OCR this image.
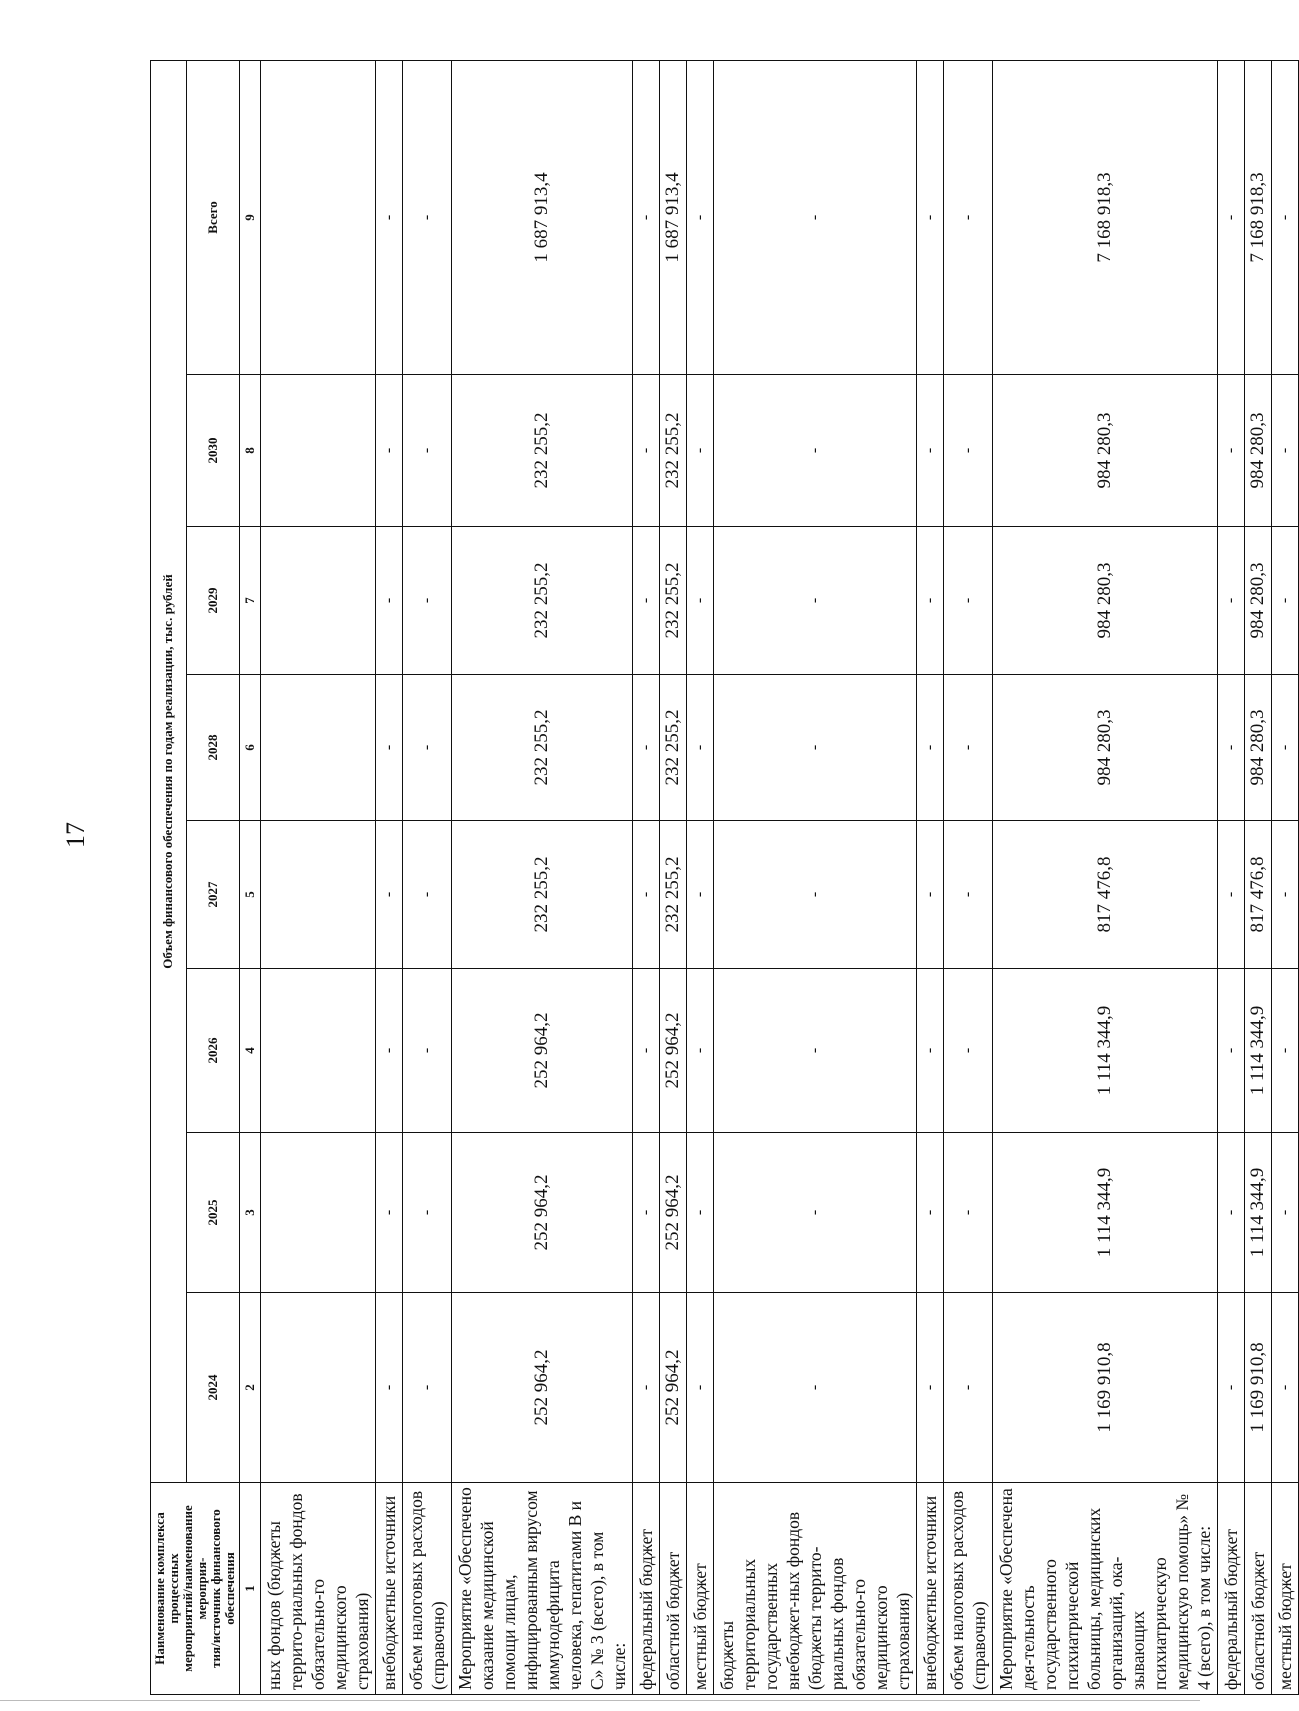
17
Наименование комплекса процессных
мероприятий/наименование мероприя-
тия/источник финансового обеспечения	Объем финансового обеспечения по годам реализации, тыс. рублей							
	2024	2025	2026	2027	2028	2029	2030	Всего
1	2	3	4	5	6	7	8	9
ных фондов (бюджеты террито-риальных фондов обязательно-го медицинского страхования)								
внебюджетные источники	-	-	-	-	-	-	-	-
объем налоговых расходов (справочно)	-	-	-	-	-	-	-	-
Мероприятие «Обеспечено оказание медицинской помощи лицам, инфицированным вирусом иммунодефицита человека, гепатитами B и C» № 3 (всего), в том числе:	252 964,2	252 964,2	252 964,2	232 255,2	232 255,2	232 255,2	232 255,2	1 687 913,4
федеральный бюджет	-	-	-	-	-	-	-	-
областной бюджет	252 964,2	252 964,2	252 964,2	232 255,2	232 255,2	232 255,2	232 255,2	1 687 913,4
местный бюджет	-	-	-	-	-	-	-	-
бюджеты территориальных государственных внебюджет-ных фондов (бюджеты террито-риальных фондов обязательно-го медицинского страхования)	-	-	-	-	-	-	-	-
внебюджетные источники	-	-	-	-	-	-	-	-
объем налоговых расходов (справочно)	-	-	-	-	-	-	-	-
Мероприятие «Обеспечена дея-тельность государственного психиатрической больницы, медицинских организаций, ока-зывающих психиатрическую медицинскую помощь» № 4 (всего), в том числе:	1 169 910,8	1 114 344,9	1 114 344,9	817 476,8	984 280,3	984 280,3	984 280,3	7 168 918,3
федеральный бюджет	-	-	-	-	-	-	-	-
областной бюджет	1 169 910,8	1 114 344,9	1 114 344,9	817 476,8	984 280,3	984 280,3	984 280,3	7 168 918,3
местный бюджет	-	-	-	-	-	-	-	-
